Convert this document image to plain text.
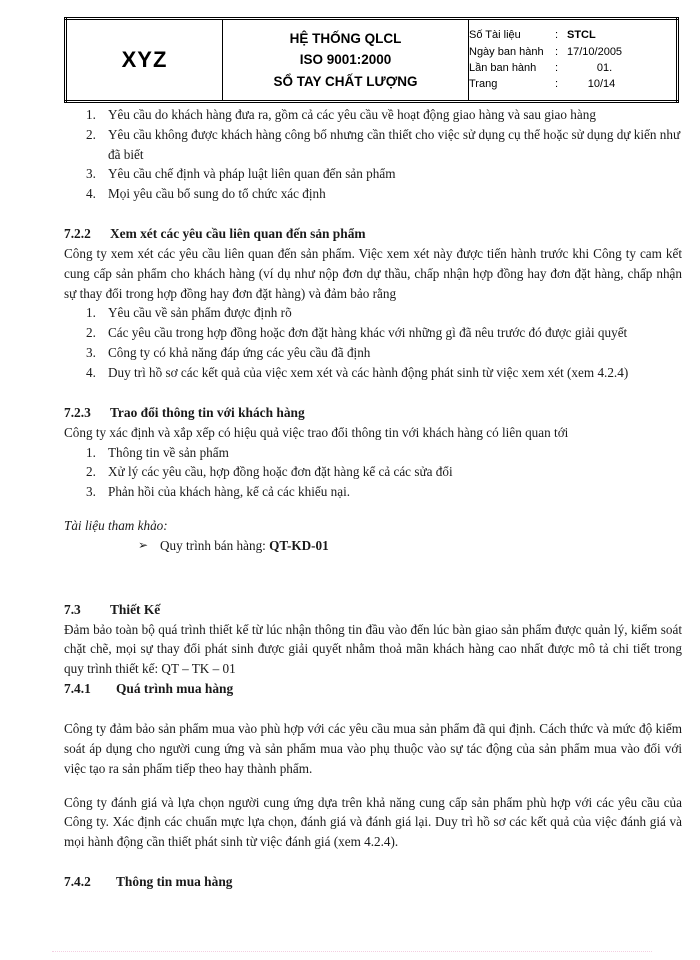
XYZ	
HỆ THỐNG QLCL
ISO 9001:2000
SỔ TAY CHẤT LƯỢNG

Số Tài liệu	:	STCL
Ngày ban hành	:	17/10/2005
Lần ban hành	:	01.
Trang	:	10/14
Yêu cầu do khách hàng đưa ra, gồm cả các yêu cầu về hoạt động giao hàng và sau giao hàng
Yêu cầu không được khách hàng công bố nhưng cần thiết cho việc sử dụng cụ thể hoặc sử dụng dự kiến như đã biết
Yêu cầu chế định và pháp luật liên quan đến sản phẩm
Mọi yêu cầu bổ sung do tổ chức xác định
7.2.2 Xem xét các yêu cầu liên quan đến sản phẩm

Công ty xem xét các yêu cầu liên quan đến sản phẩm. Việc xem xét này được tiến hành trước khi Công ty cam kết cung cấp sản phẩm cho khách hàng (ví dụ như nộp đơn dự thầu, chấp nhận hợp đồng hay đơn đặt hàng, chấp nhận sự thay đổi trong hợp đồng hay đơn đặt hàng) và đảm bảo rằng

Yêu cầu về sản phẩm được định rõ
Các yêu cầu trong hợp đồng hoặc đơn đặt hàng khác với những gì đã nêu trước đó được giải quyết
Công ty có khả năng đáp ứng các yêu cầu đã định
Duy trì hồ sơ các kết quả của việc xem xét và các hành động phát sinh từ việc xem xét (xem 4.2.4)
7.2.3 Trao đổi thông tin với khách hàng

Công ty xác định và xắp xếp có hiệu quả việc trao đổi thông tin với khách hàng có liên quan tới

Thông tin về sản phẩm
Xử lý các yêu cầu, hợp đồng hoặc đơn đặt hàng kể cả các sửa đổi
Phản hồi của khách hàng, kể cả các khiếu nại.

Tài liệu tham khảo:

➢ Quy trình bán hàng: QT-KD-01
7.3 Thiết Kế

Đảm bảo toàn bộ quá trình thiết kế từ lúc nhận thông tin đầu vào đến lúc bàn giao sản phẩm được quản lý, kiểm soát chặt chẽ, mọi sự thay đổi phát sinh được giải quyết nhằm thoả mãn khách hàng cao nhất được mô tả chi tiết trong quy trình thiết kế: QT – TK – 01

7.4.1 Quá trình mua hàng

Công ty đảm bảo sản phẩm mua vào phù hợp với các yêu cầu mua sản phẩm đã qui định. Cách thức và mức độ kiểm soát áp dụng cho người cung ứng và sản phẩm mua vào phụ thuộc vào sự tác động của sản phẩm mua vào đối với việc tạo ra sản phẩm tiếp theo hay thành phẩm.

Công ty đánh giá và lựa chọn người cung ứng dựa trên khả năng cung cấp sản phẩm phù hợp với các yêu cầu của Công ty. Xác định các chuẩn mực lựa chọn, đánh giá và đánh giá lại. Duy trì hồ sơ các kết quả của việc đánh giá và mọi hành động cần thiết phát sinh từ việc đánh giá (xem 4.2.4).

7.4.2 Thông tin mua hàng
